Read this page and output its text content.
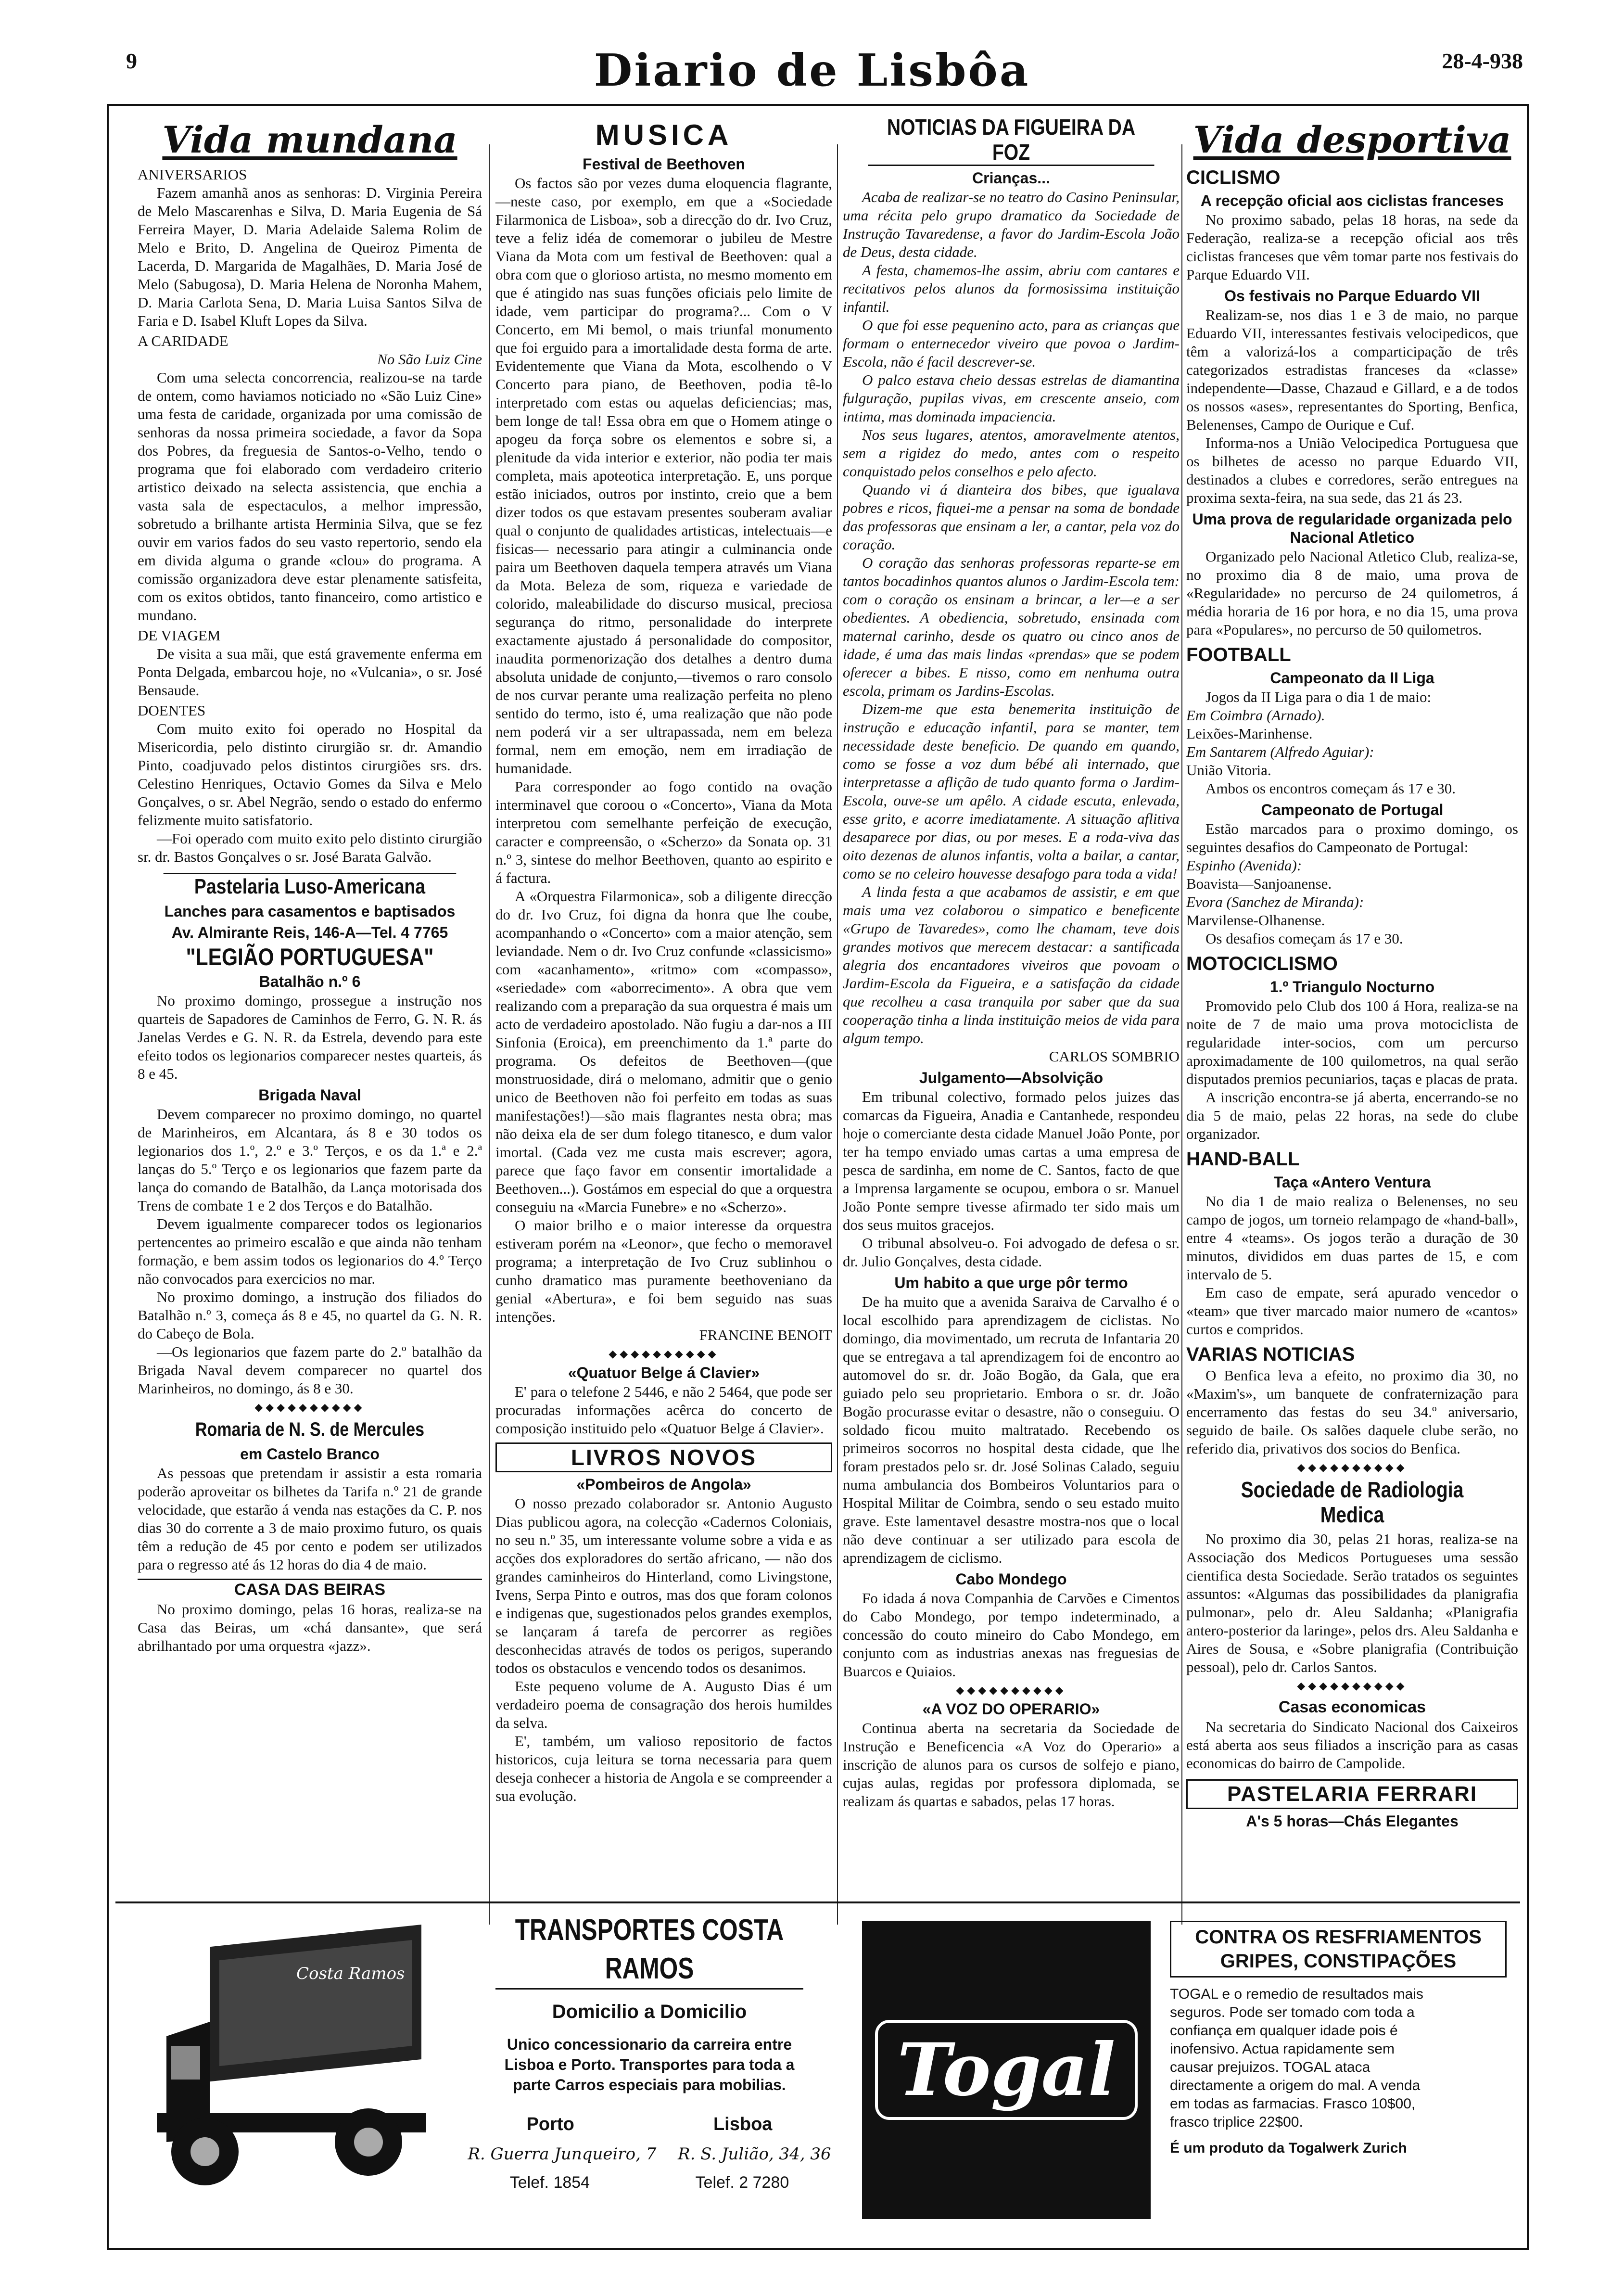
9	Diario de Lisbôa	28-4-938
Vida mundana
ANIVERSARIOS

Fazem amanhã anos as senhoras: D. Virginia Pereira de Melo Mascarenhas e Silva, D. Maria Eugenia de Sá Ferreira Mayer, D. Maria Adelaide Salema Rolim de Melo e Brito, D. Angelina de Queiroz Pimenta de Lacerda, D. Margarida de Magalhães, D. Maria José de Melo (Sabugosa), D. Maria Helena de Noronha Mahem, D. Maria Carlota Sena, D. Maria Luisa Santos Silva de Faria e D. Isabel Kluft Lopes da Silva.

A CARIDADE
No São Luiz Cine

Com uma selecta concorrencia, realizou-se na tarde de ontem, como haviamos noticiado no «São Luiz Cine» uma festa de caridade, organizada por uma comissão de senhoras da nossa primeira sociedade, a favor da Sopa dos Pobres, da freguesia de Santos-o-Velho, tendo o programa que foi elaborado com verdadeiro criterio artistico deixado na selecta assistencia, que enchia a vasta sala de espectaculos, a melhor impressão, sobretudo a brilhante artista Herminia Silva, que se fez ouvir em varios fados do seu vasto repertorio, sendo ela em divida alguma o grande «clou» do programa. A comissão organizadora deve estar plenamente satisfeita, com os exitos obtidos, tanto financeiro, como artistico e mundano.

DE VIAGEM

De visita a sua mãi, que está gravemente enferma em Ponta Delgada, embarcou hoje, no «Vulcania», o sr. José Bensaude.

DOENTES

Com muito exito foi operado no Hospital da Misericordia, pelo distinto cirurgião sr. dr. Amandio Pinto, coadjuvado pelos distintos cirurgiões srs. drs. Celestino Henriques, Octavio Gomes da Silva e Melo Gonçalves, o sr. Abel Negrão, sendo o estado do enfermo felizmente muito satisfatorio.

—Foi operado com muito exito pelo distinto cirurgião sr. dr. Bastos Gonçalves o sr. José Barata Galvão.

Pastelaria Luso-Americana
Lanches para casamentos e baptisados
Av. Almirante Reis, 146-A—Tel. 4 7765
"LEGIÃO PORTUGUESA"
Batalhão n.º 6

No proximo domingo, prossegue a instrução nos quarteis de Sapadores de Caminhos de Ferro, G. N. R. ás Janelas Verdes e G. N. R. da Estrela, devendo para este efeito todos os legionarios comparecer nestes quarteis, ás 8 e 45.

Brigada Naval

Devem comparecer no proximo domingo, no quartel de Marinheiros, em Alcantara, ás 8 e 30 todos os legionarios dos 1.º, 2.º e 3.º Terços, e os da 1.ª e 2.ª lanças do 5.º Terço e os legionarios que fazem parte da lança do comando de Batalhão, da Lança motorisada dos Trens de combate 1 e 2 dos Terços e do Batalhão.

Devem igualmente comparecer todos os legionarios pertencentes ao primeiro escalão e que ainda não tenham formação, e bem assim todos os legionarios do 4.º Terço não convocados para exercicios no mar.

No proximo domingo, a instrução dos filiados do Batalhão n.º 3, começa ás 8 e 45, no quartel da G. N. R. do Cabeço de Bola.

—Os legionarios que fazem parte do 2.º batalhão da Brigada Naval devem comparecer no quartel dos Marinheiros, no domingo, ás 8 e 30.

◆◆◆◆◆◆◆◆◆◆
Romaria de N. S. de Mercules
em Castelo Branco

As pessoas que pretendam ir assistir a esta romaria poderão aproveitar os bilhetes da Tarifa n.º 21 de grande velocidade, que estarão á venda nas estações da C. P. nos dias 30 do corrente a 3 de maio proximo futuro, os quais têm a redução de 45 por cento e podem ser utilizados para o regresso até ás 12 horas do dia 4 de maio.

CASA DAS BEIRAS

No proximo domingo, pelas 16 horas, realiza-se na Casa das Beiras, um «chá dansante», que será abrilhantado por uma orquestra «jazz».

MUSICA
Festival de Beethoven

Os factos são por vezes duma eloquencia flagrante,—neste caso, por exemplo, em que a «Sociedade Filarmonica de Lisboa», sob a direcção do dr. Ivo Cruz, teve a feliz idéa de comemorar o jubileu de Mestre Viana da Mota com um festival de Beethoven: qual a obra com que o glorioso artista, no mesmo momento em que é atingido nas suas funções oficiais pelo limite de idade, vem participar do programa?... Com o V Concerto, em Mi bemol, o mais triunfal monumento que foi erguido para a imortalidade desta forma de arte. Evidentemente que Viana da Mota, escolhendo o V Concerto para piano, de Beethoven, podia tê-lo interpretado com estas ou aquelas deficiencias; mas, bem longe de tal! Essa obra em que o Homem atinge o apogeu da força sobre os elementos e sobre si, a plenitude da vida interior e exterior, não podia ter mais completa, mais apoteotica interpretação. E, uns porque estão iniciados, outros por instinto, creio que a bem dizer todos os que estavam presentes souberam avaliar qual o conjunto de qualidades artisticas, intelectuais—e fisicas— necessario para atingir a culminancia onde paira um Beethoven daquela tempera através um Viana da Mota. Beleza de som, riqueza e variedade de colorido, maleabilidade do discurso musical, preciosa segurança do ritmo, personalidade do interprete exactamente ajustado á personalidade do compositor, inaudita pormenorização dos detalhes a dentro duma absoluta unidade de conjunto,—tivemos o raro consolo de nos curvar perante uma realização perfeita no pleno sentido do termo, isto é, uma realização que não pode nem poderá vir a ser ultrapassada, nem em beleza formal, nem em emoção, nem em irradiação de humanidade.

Para corresponder ao fogo contido na ovação interminavel que coroou o «Concerto», Viana da Mota interpretou com semelhante perfeição de execução, caracter e compreensão, o «Scherzo» da Sonata op. 31 n.º 3, sintese do melhor Beethoven, quanto ao espirito e á factura.

A «Orquestra Filarmonica», sob a diligente direcção do dr. Ivo Cruz, foi digna da honra que lhe coube, acompanhando o «Concerto» com a maior atenção, sem leviandade. Nem o dr. Ivo Cruz confunde «classicismo» com «acanhamento», «ritmo» com «compasso», «seriedade» com «aborrecimento». A obra que vem realizando com a preparação da sua orquestra é mais um acto de verdadeiro apostolado. Não fugiu a dar-nos a III Sinfonia (Eroica), em preenchimento da 1.ª parte do programa. Os defeitos de Beethoven—(que monstruosidade, dirá o melomano, admitir que o genio unico de Beethoven não foi perfeito em todas as suas manifestações!)—são mais flagrantes nesta obra; mas não deixa ela de ser dum folego titanesco, e dum valor imortal. (Cada vez me custa mais escrever; agora, parece que faço favor em consentir imortalidade a Beethoven...). Gostámos em especial do que a orquestra conseguiu na «Marcia Funebre» e no «Scherzo».

O maior brilho e o maior interesse da orquestra estiveram porém na «Leonor», que fecho o memoravel programa; a interpretação de Ivo Cruz sublinhou o cunho dramatico mas puramente beethoveniano da genial «Abertura», e foi bem seguido nas suas intenções.

FRANCINE BENOIT
◆◆◆◆◆◆◆◆◆◆
«Quatuor Belge á Clavier»

E' para o telefone 2 5446, e não 2 5464, que pode ser procuradas informações acêrca do concerto de composição instituido pelo «Quatuor Belge á Clavier».

LIVROS NOVOS
«Pombeiros de Angola»

O nosso prezado colaborador sr. Antonio Augusto Dias publicou agora, na colecção «Cadernos Coloniais, no seu n.º 35, um interessante volume sobre a vida e as acções dos exploradores do sertão africano, — não dos grandes caminheiros do Hinterland, como Livingstone, Ivens, Serpa Pinto e outros, mas dos que foram colonos e indigenas que, sugestionados pelos grandes exemplos, se lançaram á tarefa de percorrer as regiões desconhecidas através de todos os perigos, superando todos os obstaculos e vencendo todos os desanimos.

Este pequeno volume de A. Augusto Dias é um verdadeiro poema de consagração dos herois humildes da selva.

E', também, um valioso repositorio de factos historicos, cuja leitura se torna necessaria para quem deseja conhecer a historia de Angola e se compreender a sua evolução.

NOTICIAS DA FIGUEIRA DA FOZ
Crianças...

Acaba de realizar-se no teatro do Casino Peninsular, uma récita pelo grupo dramatico da Sociedade de Instrução Tavaredense, a favor do Jardim-Escola João de Deus, desta cidade.

A festa, chamemos-lhe assim, abriu com cantares e recitativos pelos alunos da formosissima instituição infantil.

O que foi esse pequenino acto, para as crianças que formam o enternecedor viveiro que povoa o Jardim-Escola, não é facil descrever-se.

O palco estava cheio dessas estrelas de diamantina fulguração, pupilas vivas, em crescente anseio, com intima, mas dominada impaciencia.

Nos seus lugares, atentos, amoravelmente atentos, sem a rigidez do medo, antes com o respeito conquistado pelos conselhos e pelo afecto.

Quando vi á dianteira dos bibes, que igualava pobres e ricos, fiquei-me a pensar na soma de bondade das professoras que ensinam a ler, a cantar, pela voz do coração.

O coração das senhoras professoras reparte-se em tantos bocadinhos quantos alunos o Jardim-Escola tem: com o coração os ensinam a brincar, a ler—e a ser obedientes. A obediencia, sobretudo, ensinada com maternal carinho, desde os quatro ou cinco anos de idade, é uma das mais lindas «prendas» que se podem oferecer a bibes. E nisso, como em nenhuma outra escola, primam os Jardins-Escolas.

Dizem-me que esta benemerita instituição de instrução e educação infantil, para se manter, tem necessidade deste beneficio. De quando em quando, como se fosse a voz dum bébé ali internado, que interpretasse a aflição de tudo quanto forma o Jardim-Escola, ouve-se um apêlo. A cidade escuta, enlevada, esse grito, e acorre imediatamente. A situação aflitiva desaparece por dias, ou por meses. E a roda-viva das oito dezenas de alunos infantis, volta a bailar, a cantar, como se no celeiro houvesse desafogo para toda a vida!

A linda festa a que acabamos de assistir, e em que mais uma vez colaborou o simpatico e beneficente «Grupo de Tavaredes», como lhe chamam, teve dois grandes motivos que merecem destacar: a santificada alegria dos encantadores viveiros que povoam o Jardim-Escola da Figueira, e a satisfação da cidade que recolheu a casa tranquila por saber que da sua cooperação tinha a linda instituição meios de vida para algum tempo.

CARLOS SOMBRIO
Julgamento—Absolvição

Em tribunal colectivo, formado pelos juizes das comarcas da Figueira, Anadia e Cantanhede, respondeu hoje o comerciante desta cidade Manuel João Ponte, por ter ha tempo enviado umas cartas a uma empresa de pesca de sardinha, em nome de C. Santos, facto de que a Imprensa largamente se ocupou, embora o sr. Manuel João Ponte sempre tivesse afirmado ter sido mais um dos seus muitos gracejos.

O tribunal absolveu-o. Foi advogado de defesa o sr. dr. Julio Gonçalves, desta cidade.

Um habito a que urge pôr termo

De ha muito que a avenida Saraiva de Carvalho é o local escolhido para aprendizagem de ciclistas. No domingo, dia movimentado, um recruta de Infantaria 20 que se entregava a tal aprendizagem foi de encontro ao automovel do sr. dr. João Bogão, da Gala, que era guiado pelo seu proprietario. Embora o sr. dr. João Bogão procurasse evitar o desastre, não o conseguiu. O soldado ficou muito maltratado. Recebendo os primeiros socorros no hospital desta cidade, que lhe foram prestados pelo sr. dr. José Solinas Calado, seguiu numa ambulancia dos Bombeiros Voluntarios para o Hospital Militar de Coimbra, sendo o seu estado muito grave. Este lamentavel desastre mostra-nos que o local não deve continuar a ser utilizado para escola de aprendizagem de ciclismo.

Cabo Mondego

Fo idada á nova Companhia de Carvões e Cimentos do Cabo Mondego, por tempo indeterminado, a concessão do couto mineiro do Cabo Mondego, em conjunto com as industrias anexas nas freguesias de Buarcos e Quiaios.

◆◆◆◆◆◆◆◆◆◆
«A VOZ DO OPERARIO»

Continua aberta na secretaria da Sociedade de Instrução e Beneficencia «A Voz do Operario» a inscrição de alunos para os cursos de solfejo e piano, cujas aulas, regidas por professora diplomada, se realizam ás quartas e sabados, pelas 17 horas.

Vida desportiva
CICLISMO
A recepção oficial aos ciclistas franceses

No proximo sabado, pelas 18 horas, na sede da Federação, realiza-se a recepção oficial aos três ciclistas franceses que vêm tomar parte nos festivais do Parque Eduardo VII.

Os festivais no Parque Eduardo VII

Realizam-se, nos dias 1 e 3 de maio, no parque Eduardo VII, interessantes festivais velocipedicos, que têm a valorizá-los a comparticipação de três categorizados estradistas franceses da «classe» independente—Dasse, Chazaud e Gillard, e a de todos os nossos «ases», representantes do Sporting, Benfica, Belenenses, Campo de Ourique e Cuf.

Informa-nos a União Velocipedica Portuguesa que os bilhetes de acesso no parque Eduardo VII, destinados a clubes e corredores, serão entregues na proxima sexta-feira, na sua sede, das 21 ás 23.

Uma prova de regularidade organizada pelo Nacional Atletico

Organizado pelo Nacional Atletico Club, realiza-se, no proximo dia 8 de maio, uma prova de «Regularidade» no percurso de 24 quilometros, á média horaria de 16 por hora, e no dia 15, uma prova para «Populares», no percurso de 50 quilometros.

FOOTBALL
Campeonato da II Liga

Jogos da II Liga para o dia 1 de maio:

Em Coimbra (Arnado).

Leixões-Marinhense.

Em Santarem (Alfredo Aguiar):

União Vitoria.

Ambos os encontros começam ás 17 e 30.

Campeonato de Portugal

Estão marcados para o proximo domingo, os seguintes desafios do Campeonato de Portugal:

Espinho (Avenida):

Boavista—Sanjoanense.

Evora (Sanchez de Miranda):

Marvilense-Olhanense.

Os desafios começam ás 17 e 30.

MOTOCICLISMO
1.º Triangulo Nocturno

Promovido pelo Club dos 100 á Hora, realiza-se na noite de 7 de maio uma prova motociclista de regularidade inter-socios, com um percurso aproximadamente de 100 quilometros, na qual serão disputados premios pecuniarios, taças e placas de prata.

A inscrição encontra-se já aberta, encerrando-se no dia 5 de maio, pelas 22 horas, na sede do clube organizador.

HAND-BALL
Taça «Antero Ventura

No dia 1 de maio realiza o Belenenses, no seu campo de jogos, um torneio relampago de «hand-ball», entre 4 «teams». Os jogos terão a duração de 30 minutos, divididos em duas partes de 15, e com intervalo de 5.

Em caso de empate, será apurado vencedor o «team» que tiver marcado maior numero de «cantos» curtos e compridos.

VARIAS NOTICIAS

O Benfica leva a efeito, no proximo dia 30, no «Maxim's», um banquete de confraternização para encerramento das festas do seu 34.º aniversario, seguido de baile. Os salões daquele clube serão, no referido dia, privativos dos socios do Benfica.

◆◆◆◆◆◆◆◆◆◆
Sociedade de Radiologia Medica

No proximo dia 30, pelas 21 horas, realiza-se na Associação dos Medicos Portugueses uma sessão cientifica desta Sociedade. Serão tratados os seguintes assuntos: «Algumas das possibilidades da planigrafia pulmonar», pelo dr. Aleu Saldanha; «Planigrafia antero-posterior da laringe», pelos drs. Aleu Saldanha e Aires de Sousa, e «Sobre planigrafia (Contribuição pessoal), pelo dr. Carlos Santos.

◆◆◆◆◆◆◆◆◆◆
Casas economicas

Na secretaria do Sindicato Nacional dos Caixeiros está aberta aos seus filiados a inscrição para as casas economicas do bairro de Campolide.

PASTELARIA FERRARI
A's 5 horas—Chás Elegantes
Costa Ramos
TRANSPORTES COSTA RAMOS
Domicilio a Domicilio
Unico concessionario da carreira entre Lisboa e Porto. Transportes para toda a parte Carros especiais para mobilias.
Porto	Lisboa
R. Guerra Junqueiro, 7 R. S. Julião, 34, 36
Telef. 1854	Telef. 2 7280
Togal
CONTRA OS RESFRIAMENTOS GRIPES, CONSTIPAÇÕES
TOGAL e o remedio de resultados mais seguros. Pode ser tomado com toda a confiança em qualquer idade pois é inofensivo. Actua rapidamente sem causar prejuizos. TOGAL ataca directamente a origem do mal. A venda em todas as farmacias. Frasco 10$00, frasco triplice 22$00.
É um produto da Togalwerk Zurich
